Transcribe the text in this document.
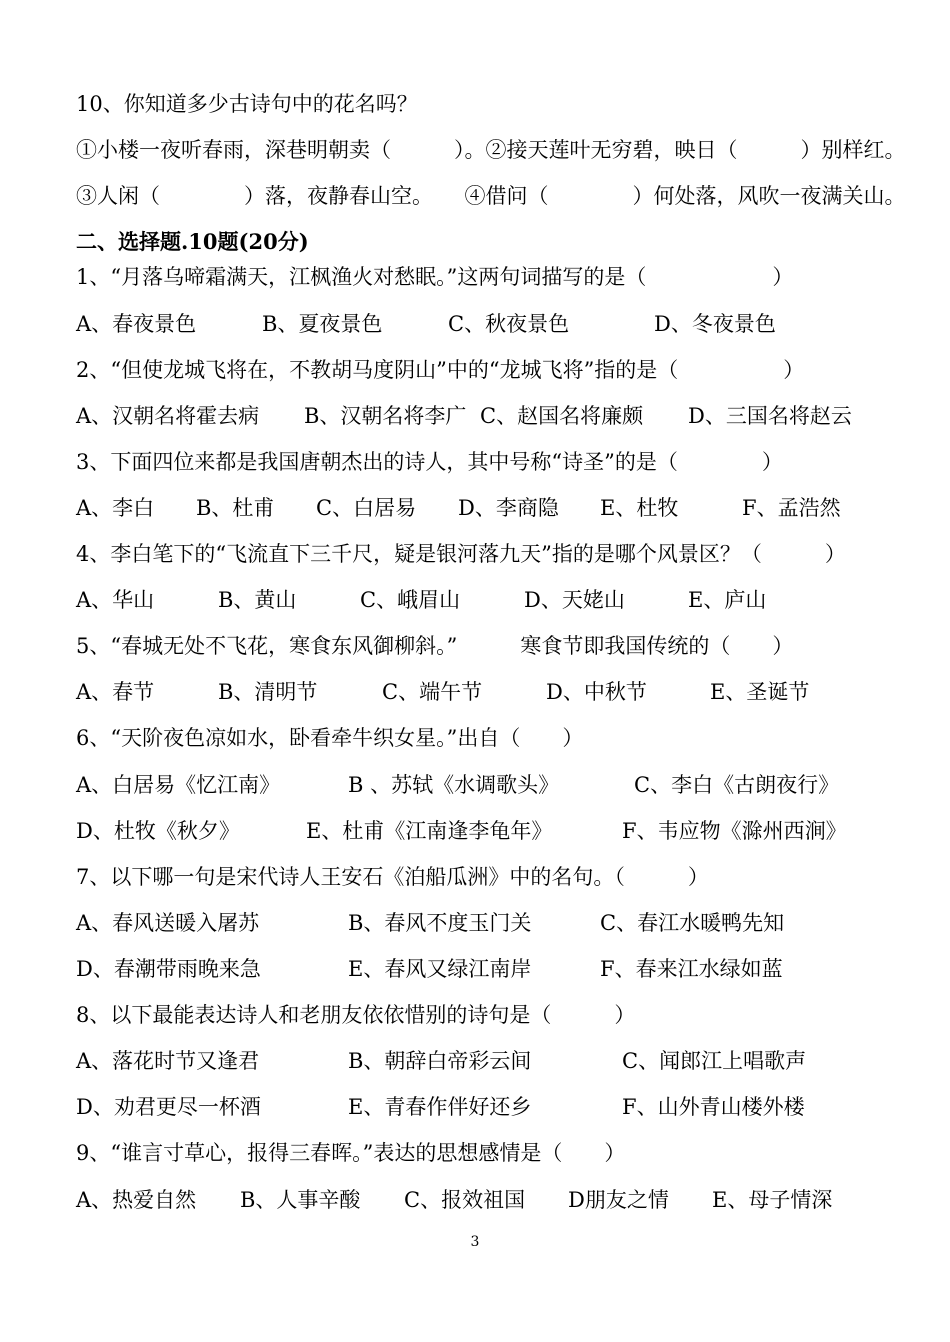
10、你知道多少古诗句中的花名吗？
①小楼一夜听春雨，深巷明朝卖（　　　）。②接天莲叶无穷碧，映日（　　　）别样红。
③人闲（　　　　）落，夜静春山空。　　④借问（　　　　）何处落，风吹一夜满关山。
二、选择题.10题(20分)
1、“月落乌啼霜满天，江枫渔火对愁眠。”这两句词描写的是（　　　　　　）
A、春夜景色	B、夏夜景色	C、秋夜景色	D、冬夜景色
2、“但使龙城飞将在，不教胡马度阴山”中的“龙城飞将”指的是（　　　　　）
A、汉朝名将霍去病 B、汉朝名将李广 C、赵国名将廉颇 D、三国名将赵云
3、下面四位来都是我国唐朝杰出的诗人，其中号称“诗圣”的是（　　　　）
A、李白 B、杜甫 C、白居易 D、李商隐 E、杜牧	F、孟浩然
4、李白笔下的“飞流直下三千尺，疑是银河落九天”指的是哪个风景区？（　　　）
A、华山	B、黄山	C、峨眉山	D、天姥山	E、庐山
5、“春城无处不飞花，寒食东风御柳斜。”　　　寒食节即我国传统的（　　）
A、春节	B、清明节	C、端午节	D、中秋节	E、圣诞节
6、“天阶夜色凉如水，卧看牵牛织女星。”出自（　　）
A、白居易《忆江南》	B 、苏轼《水调歌头》	C、李白《古朗夜行》
D、杜牧《秋夕》	E、杜甫《江南逢李龟年》	F、韦应物《滁州西涧》
7、以下哪一句是宋代诗人王安石《泊船瓜洲》中的名句。（　　　）
A、春风送暖入屠苏	B、春风不度玉门关	C、春江水暖鸭先知
D、春潮带雨晚来急	E、春风又绿江南岸	F、春来江水绿如蓝
8、以下最能表达诗人和老朋友依依惜别的诗句是（　　　）
A、落花时节又逢君	B、朝辞白帝彩云间	C、闻郎江上唱歌声
D、劝君更尽一杯酒	E、青春作伴好还乡	F、山外青山楼外楼
9、“谁言寸草心，报得三春晖。”表达的思想感情是（　　）
A、热爱自然 B、人事辛酸 C、报效祖国 D朋友之情 E、母子情深
3
